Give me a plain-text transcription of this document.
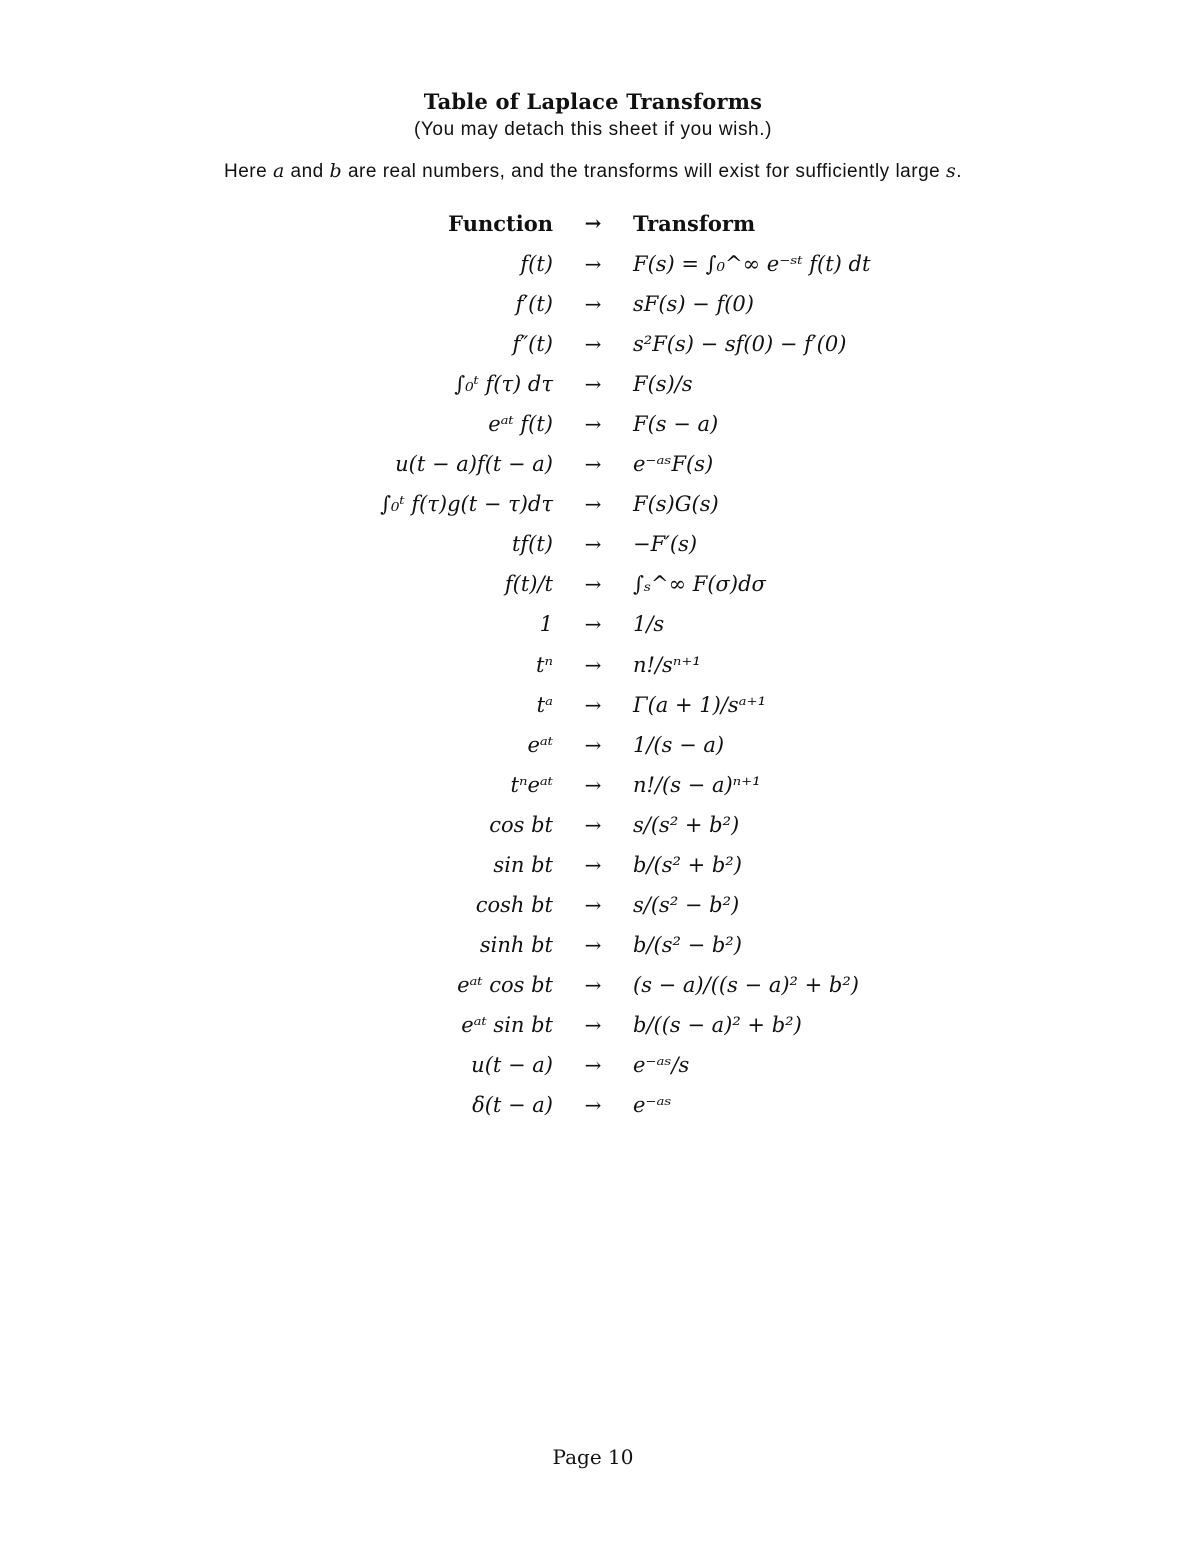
Table of Laplace Transforms
(You may detach this sheet if you wish.)
Here a and b are real numbers, and the transforms will exist for sufficiently large s.
Function	→	Transform
f(t)	→	F(s) = ∫₀^∞ e⁻ˢᵗ f(t) dt
f′(t)	→	sF(s) − f(0)
f″(t)	→	s²F(s) − sf(0) − f′(0)
∫₀ᵗ f(τ) dτ	→	F(s)/s
eᵃᵗ f(t)	→	F(s − a)
u(t − a)f(t − a)	→	e⁻ᵃˢF(s)
∫₀ᵗ f(τ)g(t − τ)dτ	→	F(s)G(s)
tf(t)	→	−F′(s)
f(t)/t	→	∫ₛ^∞ F(σ)dσ
1	→	1/s
tⁿ	→	n!/sⁿ⁺¹
tᵃ	→	Γ(a + 1)/sᵃ⁺¹
eᵃᵗ	→	1/(s − a)
tⁿeᵃᵗ	→	n!/(s − a)ⁿ⁺¹
cos bt	→	s/(s² + b²)
sin bt	→	b/(s² + b²)
cosh bt	→	s/(s² − b²)
sinh bt	→	b/(s² − b²)
eᵃᵗ cos bt	→	(s − a)/((s − a)² + b²)
eᵃᵗ sin bt	→	b/((s − a)² + b²)
u(t − a)	→	e⁻ᵃˢ/s
δ(t − a)	→	e⁻ᵃˢ
Page 10
